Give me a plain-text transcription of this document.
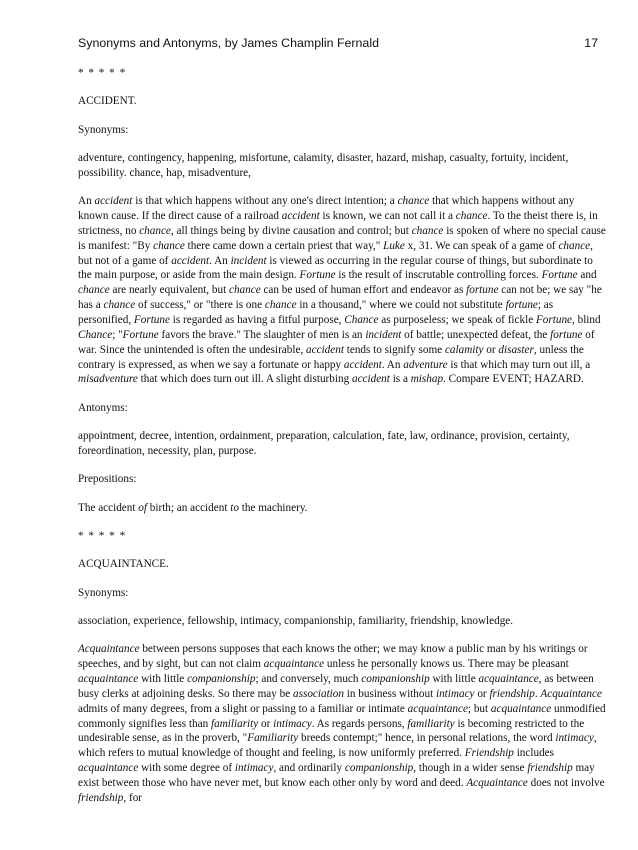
Synonyms and Antonyms, by James Champlin Fernald	17

* * * * *

ACCIDENT.

Synonyms:

adventure, contingency, happening, misfortune, calamity, disaster, hazard, mishap, casualty, fortuity, incident, possibility. chance, hap, misadventure,

An accident is that which happens without any one's direct intention; a chance that which happens without any known cause. If the direct cause of a railroad accident is known, we can not call it a chance. To the theist there is, in strictness, no chance, all things being by divine causation and control; but chance is spoken of where no special cause is manifest: "By chance there came down a certain priest that way," Luke x, 31. We can speak of a game of chance, but not of a game of accident. An incident is viewed as occurring in the regular course of things, but subordinate to the main purpose, or aside from the main design. Fortune is the result of inscrutable controlling forces. Fortune and chance are nearly equivalent, but chance can be used of human effort and endeavor as fortune can not be; we say "he has a chance of success," or "there is one chance in a thousand," where we could not substitute fortune; as personified, Fortune is regarded as having a fitful purpose, Chance as purposeless; we speak of fickle Fortune, blind Chance; "Fortune favors the brave." The slaughter of men is an incident of battle; unexpected defeat, the fortune of war. Since the unintended is often the undesirable, accident tends to signify some calamity or disaster, unless the contrary is expressed, as when we say a fortunate or happy accident. An adventure is that which may turn out ill, a misadventure that which does turn out ill. A slight disturbing accident is a mishap. Compare EVENT; HAZARD.

Antonyms:

appointment, decree, intention, ordainment, preparation, calculation, fate, law, ordinance, provision, certainty, foreordination, necessity, plan, purpose.

Prepositions:

The accident of birth; an accident to the machinery.

* * * * *

ACQUAINTANCE.

Synonyms:

association, experience, fellowship, intimacy, companionship, familiarity, friendship, knowledge.

Acquaintance between persons supposes that each knows the other; we may know a public man by his writings or speeches, and by sight, but can not claim acquaintance unless he personally knows us. There may be pleasant acquaintance with little companionship; and conversely, much companionship with little acquaintance, as between busy clerks at adjoining desks. So there may be association in business without intimacy or friendship. Acquaintance admits of many degrees, from a slight or passing to a familiar or intimate acquaintance; but acquaintance unmodified commonly signifies less than familiarity or intimacy. As regards persons, familiarity is becoming restricted to the undesirable sense, as in the proverb, "Familiarity breeds contempt;" hence, in personal relations, the word intimacy, which refers to mutual knowledge of thought and feeling, is now uniformly preferred. Friendship includes acquaintance with some degree of intimacy, and ordinarily companionship, though in a wider sense friendship may exist between those who have never met, but know each other only by word and deed. Acquaintance does not involve friendship, for
